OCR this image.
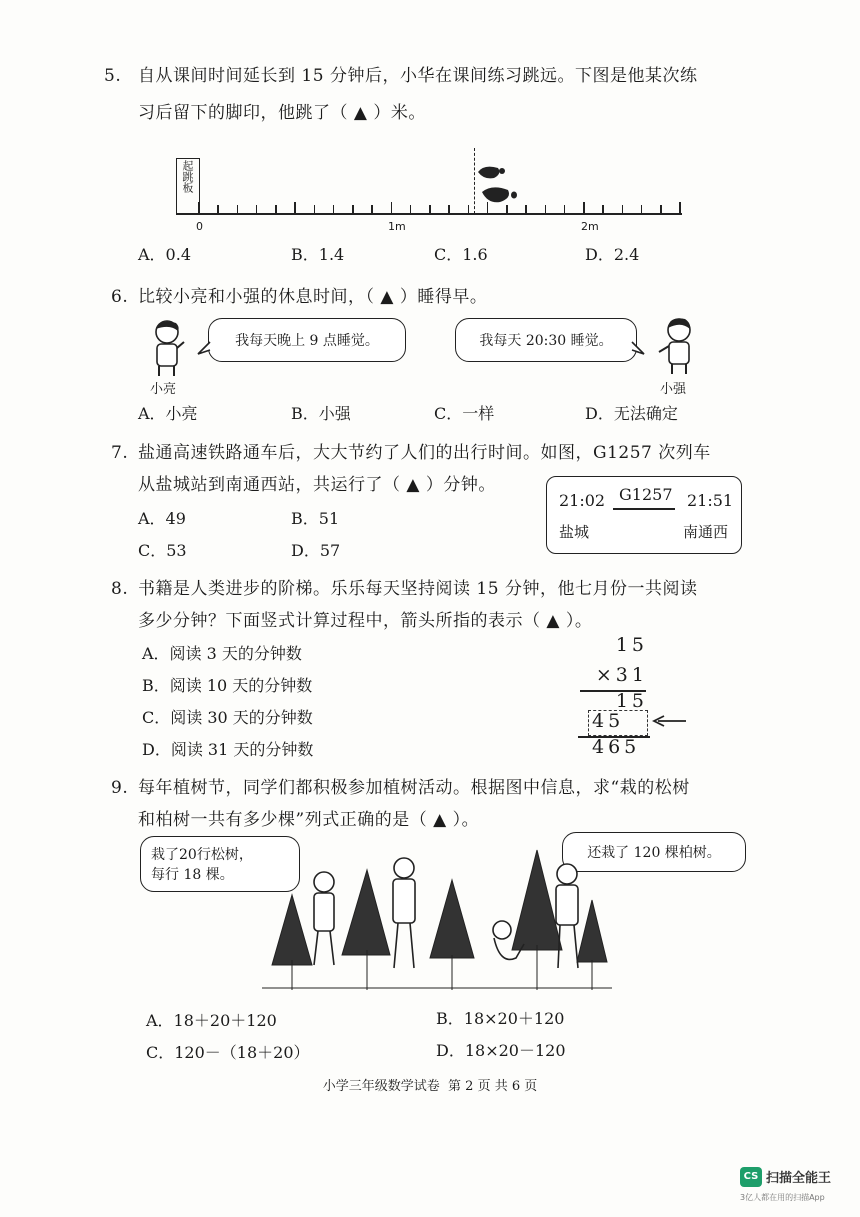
5. 自从课间时间延长到 15 分钟后，小华在课间练习跳远。下图是他某次练
习后留下的脚印，他跳了（ ▲ ）米。
起跳板
0	1m	2m
A．0.4	B．1.4	C．1.6	D．2.4
6. 比较小亮和小强的休息时间，（ ▲ ）睡得早。
小亮
我每天晚上 9 点睡觉。	我每天 20:30 睡觉。
小强
A．小亮	B．小强	C．一样	D．无法确定
7. 盐通高速铁路通车后，大大节约了人们的出行时间。如图，G1257 次列车
从盐城站到南通西站，共运行了（ ▲ ）分钟。
21:02 G1257 21:51
盐城	南通西
A．49	B．51
C．53	D．57
8. 书籍是人类进步的阶梯。乐乐每天坚持阅读 15 分钟，他七月份一共阅读
多少分钟？下面竖式计算过程中，箭头所指的表示（ ▲ ）。
A．阅读 3 天的分钟数
B．阅读 10 天的分钟数
C．阅读 30 天的分钟数
D．阅读 31 天的分钟数
15
×31
15
45
465
9. 每年植树节，同学们都积极参加植树活动。根据图中信息，求“栽的松树
和柏树一共有多少棵”列式正确的是（ ▲ ）。
栽了20行松树，
每行 18 棵。
还栽了 120 棵柏树。
A．18＋20＋120	B．18×20＋120
C．120－（18＋20）	D．18×20－120
小学三年级数学试卷  第 2 页 共 6 页
CS 扫描全能王
3亿人都在用的扫描App
